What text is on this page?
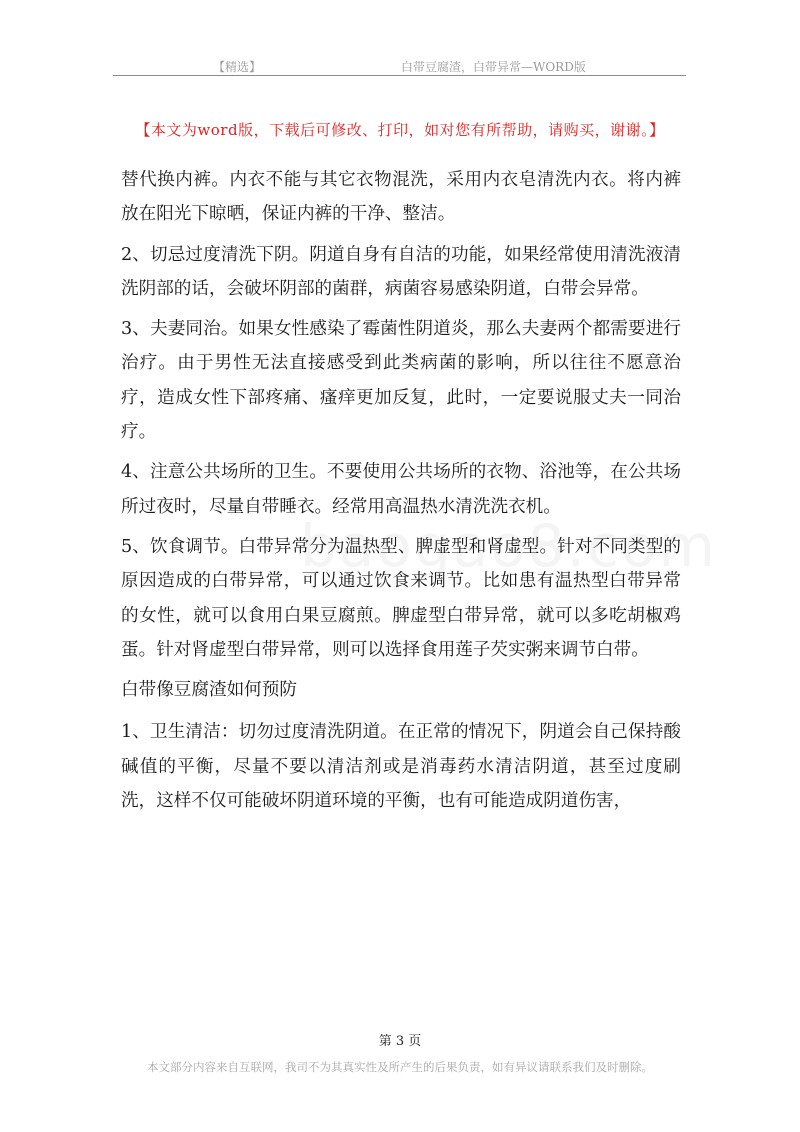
【精选】	白带豆腐渣，白带异常—WORD版
【本文为word版，下载后可修改、打印，如对您有所帮助，请购买，谢谢。】

替代换内裤。内衣不能与其它衣物混洗，采用内衣皂清洗内衣。将内裤放在阳光下晾晒，保证内裤的干净、整洁。

2、切忌过度清洗下阴。阴道自身有自洁的功能，如果经常使用清洗液清洗阴部的话，会破坏阴部的菌群，病菌容易感染阴道，白带会异常。

3、夫妻同治。如果女性感染了霉菌性阴道炎，那么夫妻两个都需要进行治疗。由于男性无法直接感受到此类病菌的影响，所以往往不愿意治疗，造成女性下部疼痛、瘙痒更加反复，此时，一定要说服丈夫一同治疗。

4、注意公共场所的卫生。不要使用公共场所的衣物、浴池等，在公共场所过夜时，尽量自带睡衣。经常用高温热水清洗洗衣机。

5、饮食调节。白带异常分为温热型、脾虚型和肾虚型。针对不同类型的原因造成的白带异常，可以通过饮食来调节。比如患有温热型白带异常的女性，就可以食用白果豆腐煎。脾虚型白带异常，就可以多吃胡椒鸡蛋。针对肾虚型白带异常，则可以选择食用莲子芡实粥来调节白带。

白带像豆腐渣如何预防

1、卫生清洁：切勿过度清洗阴道。在正常的情况下，阴道会自己保持酸碱值的平衡，尽量不要以清洁剂或是消毒药水清洁阴道，甚至过度刷洗，这样不仅可能破坏阴道环境的平衡，也有可能造成阴道伤害，

第 3 页
本文部分内容来自互联网，我司不为其真实性及所产生的后果负责，如有异议请联系我们及时删除。
